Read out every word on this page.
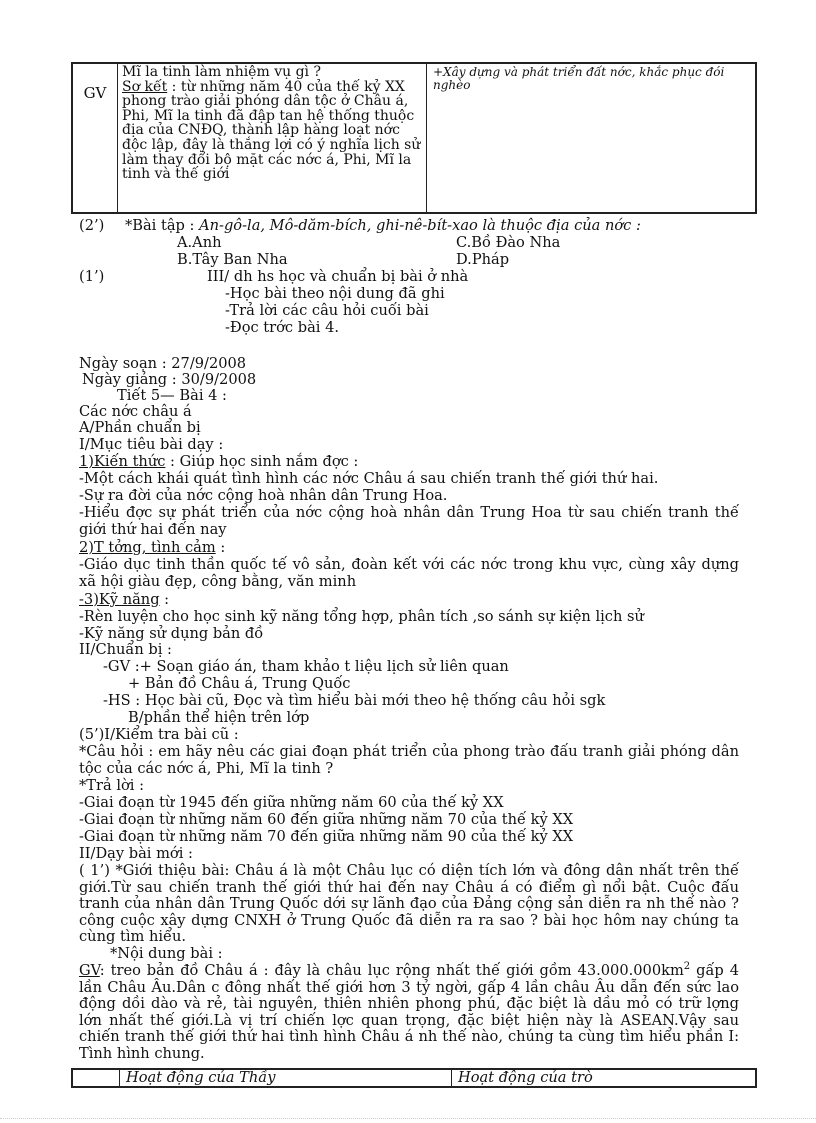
GV	
Mĩ la tinh làm nhiệm vụ gì ?
Sơ kết : từ những năm 40 của thế kỷ XX phong trào giải phóng dân tộc ở Châu á, Phi, Mĩ la tinh đã đập tan hệ thống thuộc địa của CNĐQ, thành lập hàng loạt nớc độc lập, đây là thắng lợi có ý nghĩa lịch sử làm thay đổi bộ mặt các nớc á, Phi, Mĩ la tinh và thế giới
	+Xây dựng và phát triển đất nớc, khắc phục đói nghèo
(2’) *Bài tập : An-gô-la, Mô-dăm-bích, ghi-nê-bít-xao là thuộc địa của nớc :
A.Anh	C.Bồ Đào Nha
B.Tây Ban Nha	D.Pháp
(1’)	III/ dh hs học và chuẩn bị bài ở nhà
-Học bài theo nội dung đã ghi
-Trả lời các câu hỏi cuối bài
-Đọc trớc bài 4.
Ngày soạn : 27/9/2008
Ngày giảng : 30/9/2008
Tiết 5— Bài 4 :
Các nớc châu á
A/Phần chuẩn bị
I/Mục tiêu bài dạy :
1)Kiến thức : Giúp học sinh nắm đợc :
-Một cách khái quát tình hình các nớc Châu á sau chiến tranh thế giới thứ hai.
-Sự ra đời của nớc cộng hoà nhân dân Trung Hoa.
-Hiểu đợc sự phát triển của nớc cộng hoà nhân dân Trung Hoa từ sau chiến tranh thế giới thứ hai đến nay
2)T tởng, tình cảm :
-Giáo dục tinh thần quốc tế vô sản, đoàn kết với các nớc trong khu vực, cùng xây dựng xã hội giàu đẹp, công bằng, văn minh
-3)Kỹ năng :
-Rèn luyện cho học sinh kỹ năng tổng hợp, phân tích ,so sánh sự kiện lịch sử
-Kỹ năng sử dụng bản đồ
II/Chuẩn bị :
-GV :+ Soạn giáo án, tham khảo t liệu lịch sử liên quan
+ Bản đồ Châu á, Trung Quốc
-HS : Học bài cũ, Đọc và tìm hiểu bài mới theo hệ thống câu hỏi sgk
B/phần thể hiện trên lớp
(5’)I/Kiểm tra bài cũ :
*Câu hỏi : em hãy nêu các giai đoạn phát triển của phong trào đấu tranh giải phóng dân tộc của các nớc á, Phi, Mĩ la tinh ?
*Trả lời :
-Giai đoạn từ 1945 đến giữa những năm 60 của thế kỷ XX
-Giai đoạn từ những năm 60 đến giữa những năm 70 của thế kỷ XX
-Giai đoạn từ những năm 70 đến giữa những năm 90 của thế kỷ XX
II/Dạy bài mới :
( 1’) *Giới thiệu bài: Châu á là một Châu lục có diện tích lớn và đông dân nhất trên thế giới.Từ sau chiến tranh thế giới thứ hai đến nay Châu á có điểm gì nổi bật. Cuộc đấu tranh của nhân dân Trung Quốc dới sự lãnh đạo của Đảng cộng sản diễn ra nh thế nào ? công cuộc xây dựng CNXH ở Trung Quốc đã diễn ra ra sao ? bài học hôm nay chúng ta cùng tìm hiểu.
*Nội dung bài :
GV: treo bản đồ Châu á : đây là châu lục rộng nhất thế giới gồm $43.000.000km^2$ gấp 4 lần Châu Âu.Dân c đông nhất thế giới hơn 3 tỷ ngời, gấp 4 lần châu Âu dẫn đến sức lao động dồi dào và rẻ, tài nguyên, thiên nhiên phong phú, đặc biệt là dầu mỏ có trữ lợng lớn nhất thế giới.Là vị trí chiến lợc quan trọng, đặc biệt hiện này là ASEAN.Vậy sau chiến tranh thế giới thứ hai tình hình Châu á nh thế nào, chúng ta cùng tìm hiểu phần I: Tình hình chung.
	Hoạt động của Thầy	Hoạt động của trò
